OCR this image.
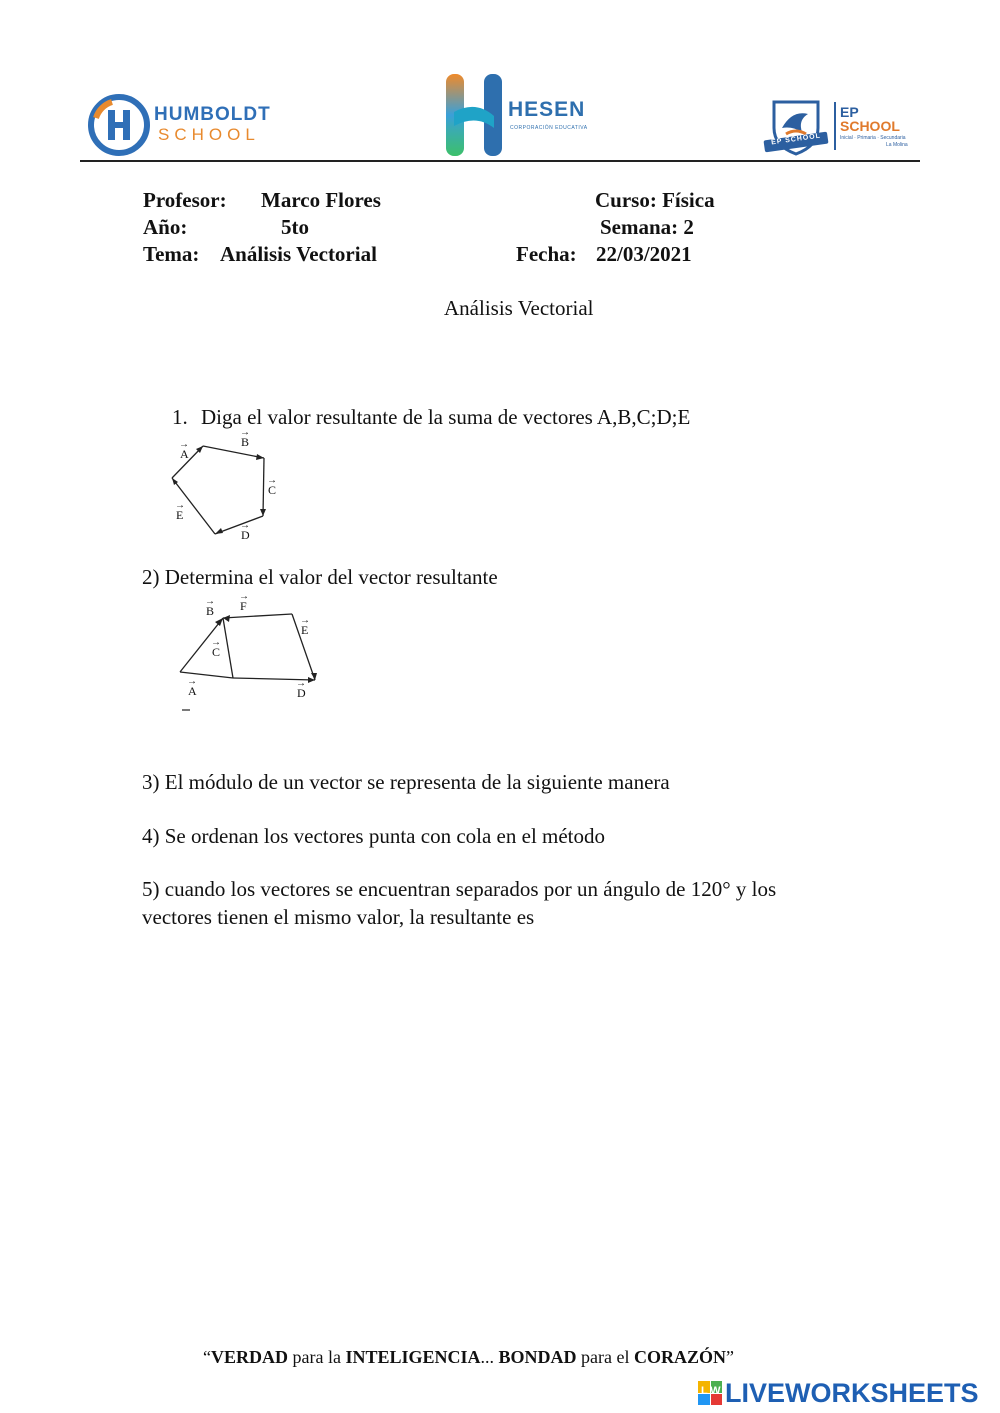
HUMBOLDT
SCHOOL
HESEN
CORPORACIÓN EDUCATIVA
EP SCHOOL
EP
SCHOOL
Inicial · Primaria · Secundaria
La Molina
Profesor: Marco Flores	Curso: Física
Año:	5to	Semana: 2
Tema: Análisis Vectorial	Fecha: 22/03/2021
Análisis Vectorial
1. Diga el valor resultante de la suma de vectores A,B,C;D;E
→ A
→ B
→ C
→ D
→ E
2) Determina el valor del vector resultante
→ B → F
→ E
→ C
→ A	→ D
3) El módulo de un vector se representa de la siguiente manera
4) Se ordenan los vectores punta con cola en el método
5) cuando los vectores se encuentran separados por un ángulo de 120° y los
vectores tienen el mismo valor, la resultante es
“VERDAD para la INTELIGENCIA... BONDAD para el CORAZÓN”
LW LIVEWORKSHEETS
